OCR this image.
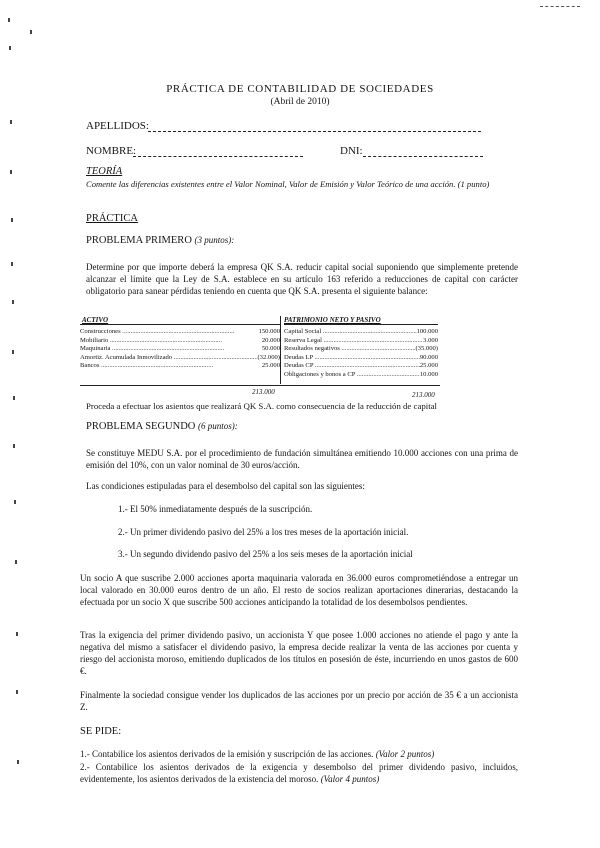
PRÁCTICA DE CONTABILIDAD DE SOCIEDADES
(Abril de 2010)
APELLIDOS:
NOMBRE:	DNI:
TEORÍA
Comente las diferencias existentes entre el Valor Nominal, Valor de Emisión y Valor Teórico de una acción. (1 punto)
PRÁCTICA
PROBLEMA PRIMERO (3 puntos):
Determine por que importe deberá la empresa QK S.A. reducir capital social suponiendo que simplemente pretende alcanzar el límite que la Ley de S.A. establece en su artículo 163 referido a reducciones de capital con carácter obligatorio para sanear pérdidas teniendo en cuenta que QK S.A. presenta el siguiente balance:
ACTIVO
Construcciones .....	150.000
Mobiliario .....	20.000
Maquinaria .....	50.000
Amortiz. Acumulada Inmovilizado .....	(32.000)
Bancos .....	25.000
PATRIMONIO NETO Y PASIVO
Capital Social .....	100.000
Reserva Legal .....	3.000
Resultados negativos .....	(35.000)
Deudas LP .....	90.000
Deudas CP .....	25.000
Obligaciones y bonos a CP .....	10.000
213.000	213.000
Proceda a efectuar los asientos que realizará QK S.A. como consecuencia de la reducción de capital
PROBLEMA SEGUNDO (6 puntos):
Se constituye MEDU S.A. por el procedimiento de fundación simultánea emitiendo 10.000 acciones con una prima de emisión del 10%, con un valor nominal de 30 euros/acción.
Las condiciones estipuladas para el desembolso del capital son las siguientes:
1.- El 50% inmediatamente después de la suscripción.
2.- Un primer dividendo pasivo del 25% a los tres meses de la aportación inicial.
3.- Un segundo dividendo pasivo del 25% a los seis meses de la aportación inicial
Un socio A que suscribe 2.000 acciones aporta maquinaria valorada en 36.000 euros comprometiéndose a entregar un local valorado en 30.000 euros dentro de un año. El resto de socios realizan aportaciones dinerarias, destacando la efectuada por un socio X que suscribe 500 acciones anticipando la totalidad de los desembolsos pendientes.
Tras la exigencia del primer dividendo pasivo, un accionista Y que posee 1.000 acciones no atiende el pago y ante la negativa del mismo a satisfacer el dividendo pasivo, la empresa decide realizar la venta de las acciones por cuenta y riesgo del accionista moroso, emitiendo duplicados de los títulos en posesión de éste, incurriendo en unos gastos de 600 €.
Finalmente la sociedad consigue vender los duplicados de las acciones por un precio por acción de 35 € a un accionista Z.
SE PIDE:
1.- Contabilice los asientos derivados de la emisión y suscripción de las acciones. (Valor 2 puntos)
2.- Contabilice los asientos derivados de la exigencia y desembolso del primer dividendo pasivo, incluidos, evidentemente, los asientos derivados de la existencia del moroso. (Valor 4 puntos)
